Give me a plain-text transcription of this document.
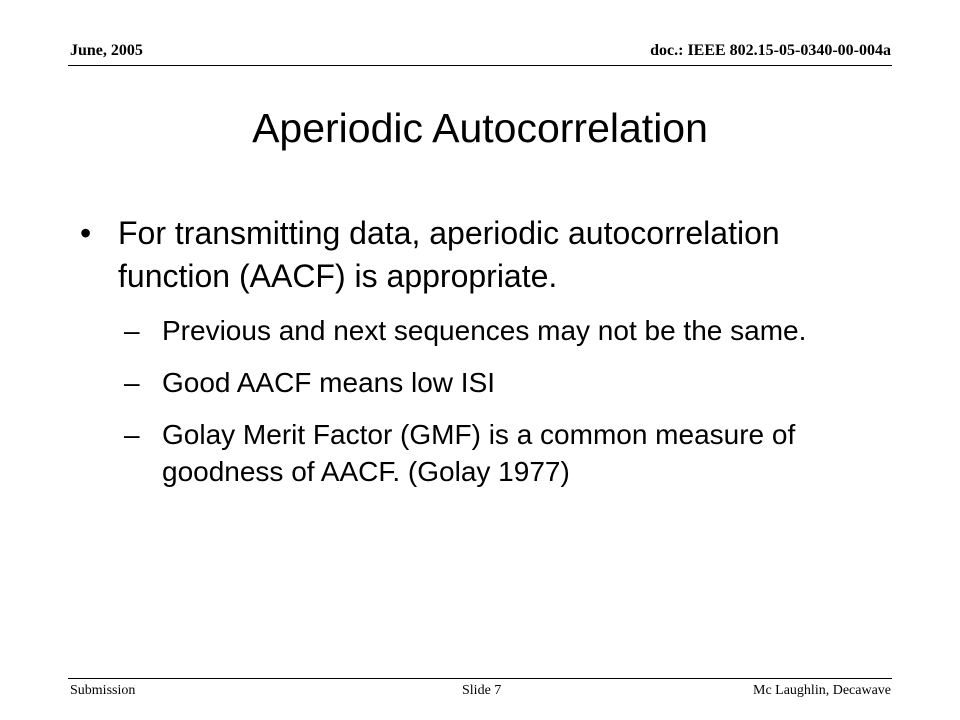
June, 2005	doc.: IEEE 802.15-05-0340-00-004a
Aperiodic Autocorrelation
• For transmitting data, aperiodic autocorrelation function (AACF) is appropriate.
– Previous and next sequences may not be the same.
– Good AACF means low ISI
– Golay Merit Factor (GMF) is a common measure of goodness of AACF. (Golay 1977)
Submission	Slide 7	Mc Laughlin, Decawave
